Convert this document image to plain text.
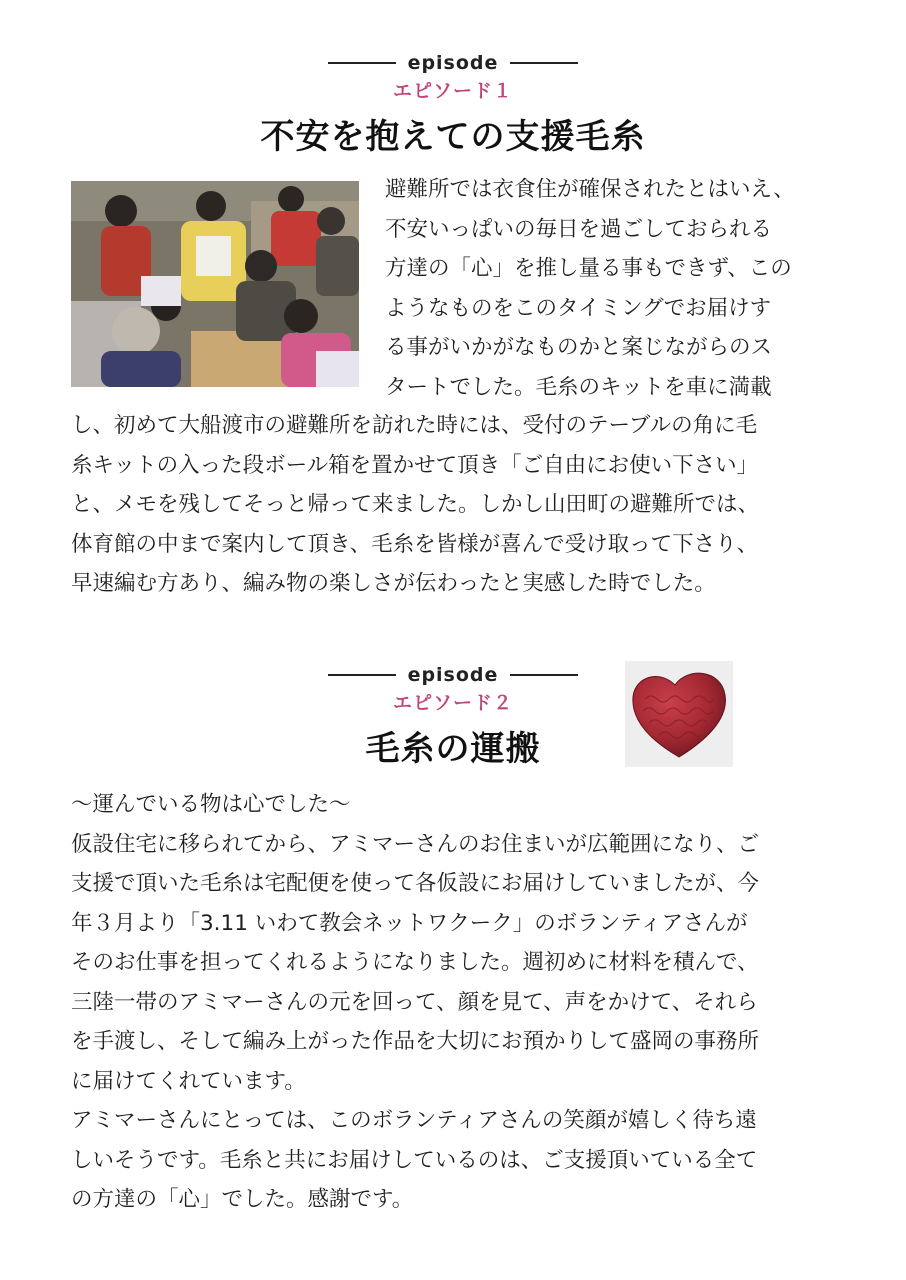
episode
エピソード１
不安を抱えての支援毛糸
避難所では衣食住が確保されたとはいえ、
不安いっぱいの毎日を過ごしておられる
方達の「心」を推し量る事もできず、この
ようなものをこのタイミングでお届けす
る事がいかがなものかと案じながらのス
タートでした。毛糸のキットを車に満載
し、初めて大船渡市の避難所を訪れた時には、受付のテーブルの角に毛
糸キットの入った段ボール箱を置かせて頂き「ご自由にお使い下さい」
と、メモを残してそっと帰って来ました。しかし山田町の避難所では、
体育館の中まで案内して頂き、毛糸を皆様が喜んで受け取って下さり、
早速編む方あり、編み物の楽しさが伝わったと実感した時でした。
episode
エピソード２
毛糸の運搬
～運んでいる物は心でした～
仮設住宅に移られてから、アミマーさんのお住まいが広範囲になり、ご
支援で頂いた毛糸は宅配便を使って各仮設にお届けしていましたが、今
年３月より「3.11 いわて教会ネットワクーク」のボランティアさんが
そのお仕事を担ってくれるようになりました。週初めに材料を積んで、
三陸一帯のアミマーさんの元を回って、顔を見て、声をかけて、それら
を手渡し、そして編み上がった作品を大切にお預かりして盛岡の事務所
に届けてくれています。
アミマーさんにとっては、このボランティアさんの笑顔が嬉しく待ち遠
しいそうです。毛糸と共にお届けしているのは、ご支援頂いている全て
の方達の「心」でした。感謝です。
